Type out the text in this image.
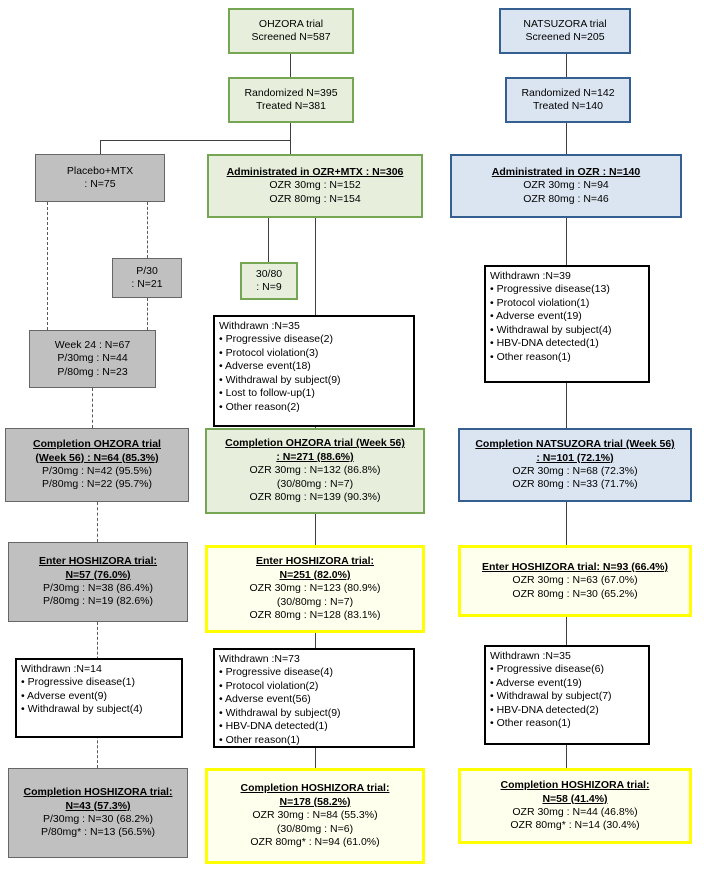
OHZORA trial
Screened N=587
NATSUZORA trial
Screened N=205
Randomized N=395
Treated N=381
Randomized N=142
Treated N=140
Placebo+MTX
: N=75
Administrated in OZR+MTX : N=306
OZR 30mg : N=152
OZR 80mg : N=154
Administrated in OZR : N=140
OZR 30mg : N=94
OZR 80mg : N=46
P/30
: N=21
30/80
: N=9
Withdrawn :N=39
• Progressive disease(13)
• Protocol violation(1)
• Adverse event(19)
• Withdrawal by subject(4)
• HBV-DNA detected(1)
• Other reason(1)
Week 24 : N=67
P/30mg : N=44
P/80mg : N=23
Withdrawn :N=35
• Progressive disease(2)
• Protocol violation(3)
• Adverse event(18)
• Withdrawal by subject(9)
• Lost to follow-up(1)
• Other reason(2)
Completion OHZORA trial
(Week 56) : N=64 (85.3%)
P/30mg : N=42 (95.5%)
P/80mg : N=22 (95.7%)
Completion OHZORA trial (Week 56)
: N=271 (88.6%)
OZR 30mg : N=132 (86.8%)
(30/80mg : N=7)
OZR 80mg : N=139 (90.3%)
Completion NATSUZORA trial (Week 56)
: N=101 (72.1%)
OZR 30mg : N=68 (72.3%)
OZR 80mg : N=33 (71.7%)
Enter HOSHIZORA trial:
N=57 (76.0%)
P/30mg : N=38 (86.4%)
P/80mg : N=19 (82.6%)
Enter HOSHIZORA trial:
N=251 (82.0%)
OZR 30mg : N=123 (80.9%)
(30/80mg : N=7)
OZR 80mg : N=128 (83.1%)
Enter HOSHIZORA trial: N=93 (66.4%)
OZR 30mg : N=63 (67.0%)
OZR 80mg : N=30 (65.2%)
Withdrawn :N=14
• Progressive disease(1)
• Adverse event(9)
• Withdrawal by subject(4)
Withdrawn :N=73
• Progressive disease(4)
• Protocol violation(2)
• Adverse event(56)
• Withdrawal by subject(9)
• HBV-DNA detected(1)
• Other reason(1)
Withdrawn :N=35
• Progressive disease(6)
• Adverse event(19)
• Withdrawal by subject(7)
• HBV-DNA detected(2)
• Other reason(1)
Completion HOSHIZORA trial:
N=43 (57.3%)
P/30mg : N=30 (68.2%)
P/80mg* : N=13 (56.5%)
Completion HOSHIZORA trial:
N=178 (58.2%)
OZR 30mg : N=84 (55.3%)
(30/80mg : N=6)
OZR 80mg* : N=94 (61.0%)
Completion HOSHIZORA trial:
N=58 (41.4%)
OZR 30mg : N=44 (46.8%)
OZR 80mg* : N=14 (30.4%)
